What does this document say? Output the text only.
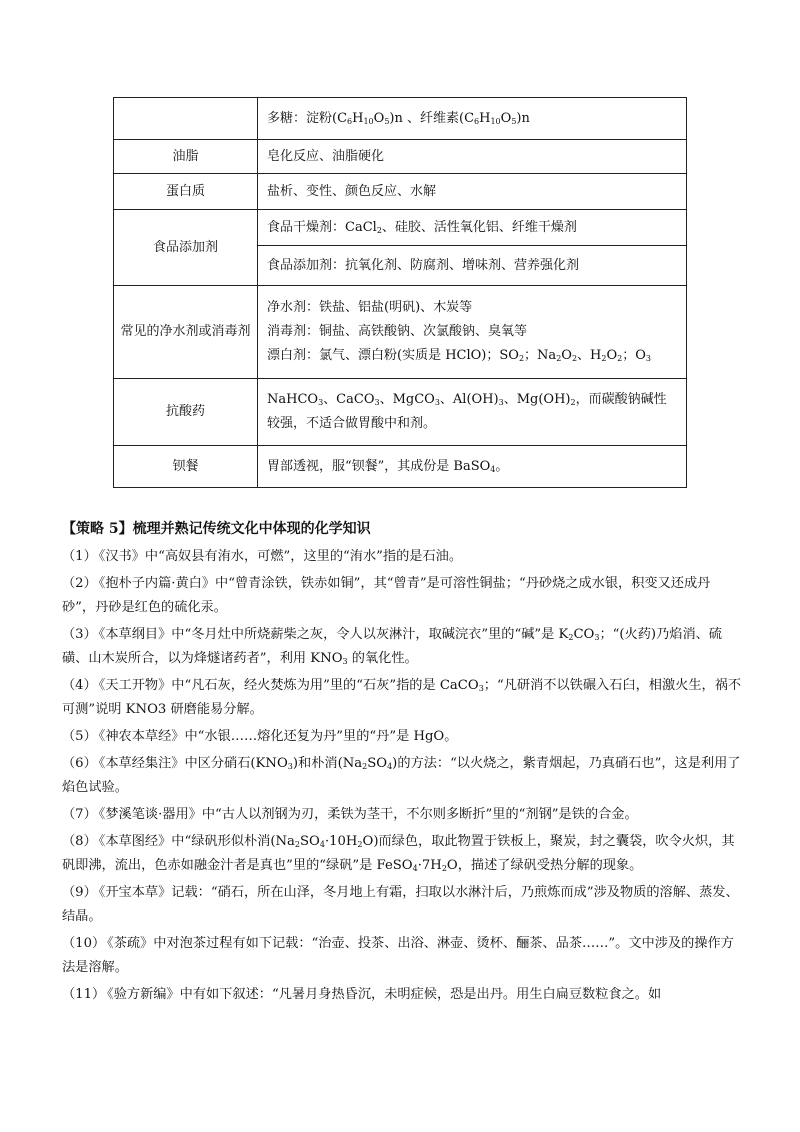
	多糖：淀粉$(C_6H_{10}O_5)n$ 、纤维素$(C_6H_{10}O_5)n$

油脂	皂化反应、油脂硬化

蛋白质	盐析、变性、颜色反应、水解

食品添加剂	食品干燥剂：CaCl$_2$、硅胶、活性氧化铝、纤维干燥剂

	食品添加剂：抗氧化剂、防腐剂、增味剂、营养强化剂

常见的净水剂或消毒剂	净水剂：铁盐、铝盐(明矾)、木炭等
消毒剂：铜盐、高铁酸钠、次氯酸钠、臭氧等
漂白剂：氯气、漂白粉(实质是 HClO)；$SO_2$；$Na_2O_2$、$H_2O_2$；$O_3$

抗酸药	NaHCO$_3$、CaCO$_3$、MgCO$_3$、$Al(OH)_3$、$Mg(OH)_2$，而碳酸钠碱性较强，不适合做胃酸中和剂。

钡餐	胃部透视，服“钡餐”，其成份是 BaSO$_4$。
【策略 5】梳理并熟记传统文化中体现的化学知识
（1） 《汉书》中“高奴县有洧水，可燃”，这里的“洧水”指的是石油。
（2） 《抱朴子内篇·黄白》中“曾青涂铁，铁赤如铜”，其“曾青”是可溶性铜盐；“丹砂烧之成水银，积变又还成丹砂”，丹砂是红色的硫化汞。
（3） 《本草纲目》中“冬月灶中所烧薪柴之灰，令人以灰淋汁，取碱浣衣”里的“碱”是 $K_2CO_3$；“(火药)乃焰消、硫磺、山木炭所合，以为烽燧诸药者”，利用 $KNO_3$ 的氧化性。
（4） 《天工开物》中“凡石灰，经火焚炼为用”里的“石灰”指的是 CaCO$_3$；“凡研消不以铁碾入石臼，相激火生，祸不可测”说明 KNO3 研磨能易分解。
（5） 《神农本草经》中“水银……熔化还复为丹”里的“丹”是 HgO。
（6） 《本草经集注》中区分硝石$(KNO_3)$和朴消$(Na_2SO_4)$的方法：“以火烧之，紫青烟起，乃真硝石也”，这是利用了焰色试验。
（7） 《梦溪笔谈·器用》中“古人以剂钢为刃，柔铁为茎干，不尔则多断折”里的“剂钢”是铁的合金。
（8） 《本草图经》中“绿矾形似朴消$(Na_2SO_4\cdot 10H_2O)$而绿色，取此物置于铁板上，聚炭，封之囊袋，吹令火炽，其矾即沸，流出，色赤如融金汁者是真也”里的“绿矾”是 $FeSO_4\cdot 7H_2O$，描述了绿矾受热分解的现象。
（9） 《开宝本草》记载：“硝石，所在山泽，冬月地上有霜，扫取以水淋汁后，乃煎炼而成”涉及物质的溶解、蒸发、结晶。
（10） 《茶疏》中对泡茶过程有如下记载：“治壶、投茶、出浴、淋壶、烫杯、酾茶、品茶……”。文中涉及的操作方法是溶解。
（11） 《验方新编》中有如下叙述：“凡暑月身热昏沉，未明症候，恐是出丹。用生白扁豆数粒食之。如
